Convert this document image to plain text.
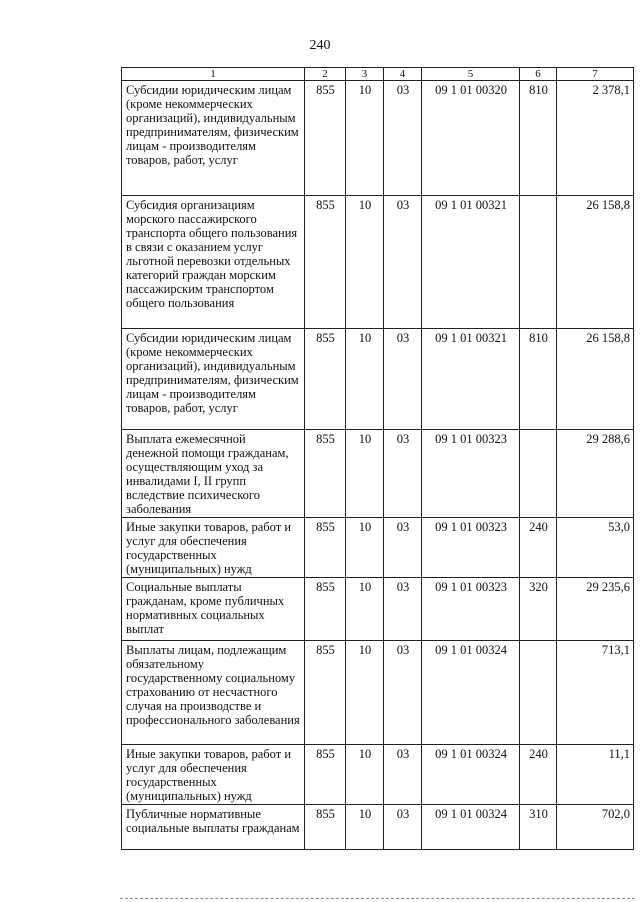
240
1	2	3	4	5	6	7
Субсидии юридическим лицам (кроме некоммерческих организаций), индивидуальным предпринимателям, физическим лицам - производителям товаров, работ, услуг	855	10	03	09 1 01 00320	810	2 378,1
Субсидия организациям морского пассажирского транспорта общего пользования в связи с оказанием услуг льготной перевозки отдельных категорий граждан морским пассажирским транспортом общего пользования	855	10	03	09 1 01 00321		26 158,8
Субсидии юридическим лицам (кроме некоммерческих организаций), индивидуальным предпринимателям, физическим лицам - производителям товаров, работ, услуг	855	10	03	09 1 01 00321	810	26 158,8
Выплата ежемесячной денежной помощи гражданам, осуществляющим уход за инвалидами I, II групп вследствие психического заболевания	855	10	03	09 1 01 00323		29 288,6
Иные закупки товаров, работ и услуг для обеспечения государственных (муниципальных) нужд	855	10	03	09 1 01 00323	240	53,0
Социальные выплаты гражданам, кроме публичных нормативных социальных выплат	855	10	03	09 1 01 00323	320	29 235,6
Выплаты лицам, подлежащим обязательному государственному социальному страхованию от несчастного случая на производстве и профессионального заболевания	855	10	03	09 1 01 00324		713,1
Иные закупки товаров, работ и услуг для обеспечения государственных (муниципальных) нужд	855	10	03	09 1 01 00324	240	11,1
Публичные нормативные социальные выплаты гражданам	855	10	03	09 1 01 00324	310	702,0
